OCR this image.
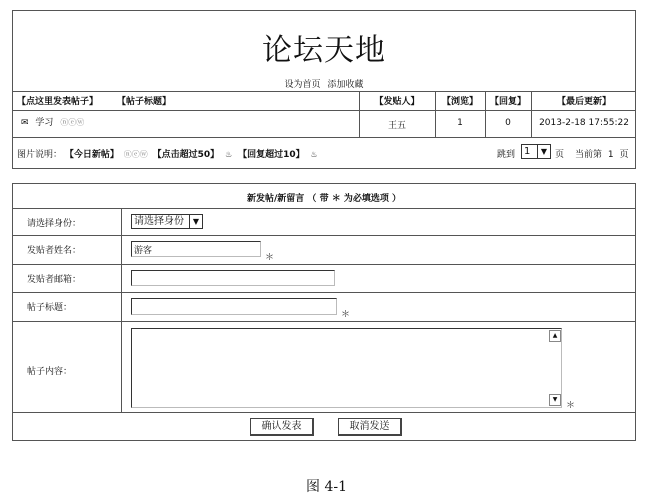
论坛天地
设为首页 添加收藏
【点这里发表帖子】 【帖子标题】	【发贴人】	【浏览】	【回复】	【最后更新】
✉ 学习 ⓝⓔⓦ	王五	1	0	2013-2-18 17:55:22
图片说明： 【今日新帖】 ⓝⓔⓦ 【点击超过50】 ♨ 【回复超过10】 ♨	跳到 1	▼ 页 当前第 1 页
新发帖/新留言 （ 带 ＊ 为必填选项 ）
请选择身份：	请选择身份	▼
发贴者姓名：	游客
＊
发贴者邮箱：
帖子标题：
＊
帖子内容：
▲
▼
＊
确认发表	取消发送
图 4-1
